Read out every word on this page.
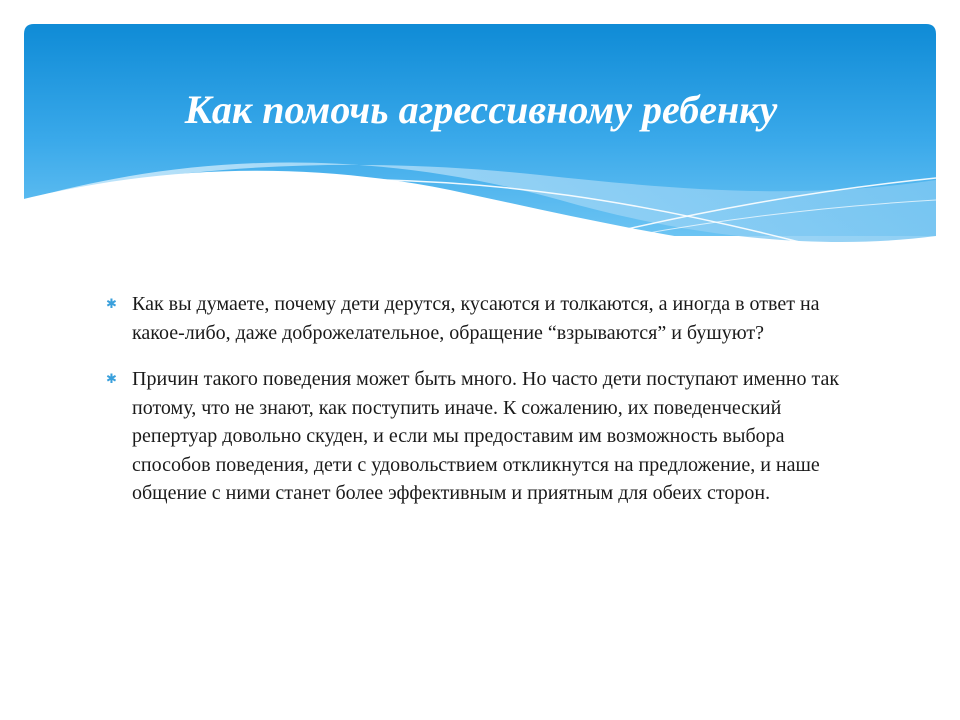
Как помочь агрессивному ребенку
✱ Как вы думаете, почему дети дерутся, кусаются и толкаются, а иногда в ответ на какое-либо, даже доброжелательное, обращение “взрываются” и бушуют?
✱ Причин такого поведения может быть много. Но часто дети поступают именно так потому, что не знают, как поступить иначе. К сожалению, их поведенческий репертуар довольно скуден, и если мы предоставим им возможность выбора способов поведения, дети с удовольствием откликнутся на предложение, и наше общение с ними станет более эффективным и приятным для обеих сторон.
